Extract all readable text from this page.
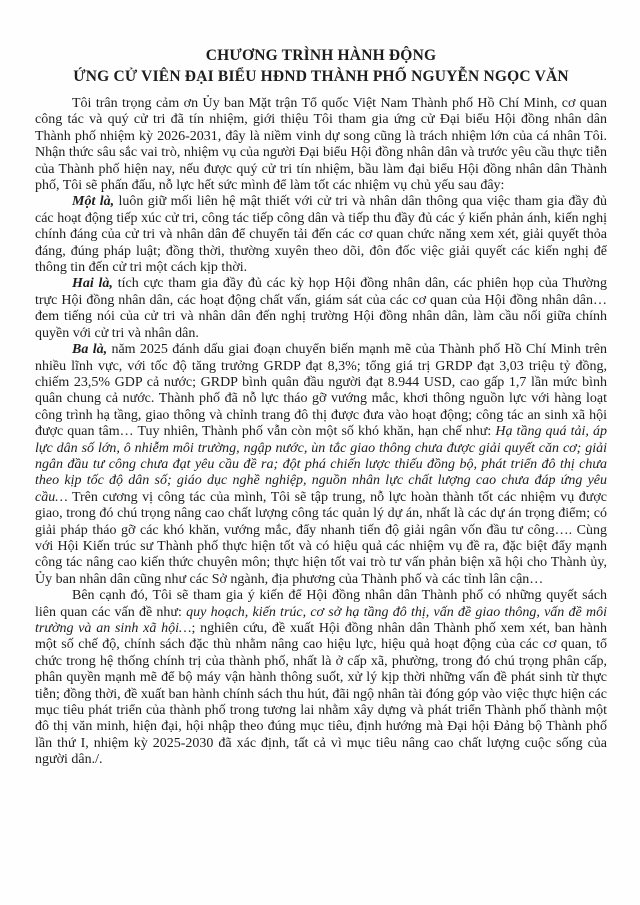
CHƯƠNG TRÌNH HÀNH ĐỘNG
ỨNG CỬ VIÊN ĐẠI BIỂU HĐND THÀNH PHỐ NGUYỄN NGỌC VĂN

Tôi trân trọng cảm ơn Ủy ban Mặt trận Tổ quốc Việt Nam Thành phố Hồ Chí Minh, cơ quan công tác và quý cử tri đã tín nhiệm, giới thiệu Tôi tham gia ứng cử Đại biểu Hội đồng nhân dân Thành phố nhiệm kỳ 2026-2031, đây là niềm vinh dự song cũng là trách nhiệm lớn của cá nhân Tôi. Nhận thức sâu sắc vai trò, nhiệm vụ của người Đại biểu Hội đồng nhân dân và trước yêu cầu thực tiễn của Thành phố hiện nay, nếu được quý cử tri tín nhiệm, bầu làm đại biểu Hội đồng nhân dân Thành phố, Tôi sẽ phấn đấu, nỗ lực hết sức mình để làm tốt các nhiệm vụ chủ yếu sau đây:

Một là, luôn giữ mối liên hệ mật thiết với cử tri và nhân dân thông qua việc tham gia đầy đủ các hoạt động tiếp xúc cử tri, công tác tiếp công dân và tiếp thu đầy đủ các ý kiến phản ánh, kiến nghị chính đáng của cử tri và nhân dân để chuyển tải đến các cơ quan chức năng xem xét, giải quyết thỏa đáng, đúng pháp luật; đồng thời, thường xuyên theo dõi, đôn đốc việc giải quyết các kiến nghị để thông tin đến cử tri một cách kịp thời.

Hai là, tích cực tham gia đầy đủ các kỳ họp Hội đồng nhân dân, các phiên họp của Thường trực Hội đồng nhân dân, các hoạt động chất vấn, giám sát của các cơ quan của Hội đồng nhân dân…đem tiếng nói của cử tri và nhân dân đến nghị trường Hội đồng nhân dân, làm cầu nối giữa chính quyền với cử tri và nhân dân.

Ba là, năm 2025 đánh dấu giai đoạn chuyển biến mạnh mẽ của Thành phố Hồ Chí Minh trên nhiều lĩnh vực, với tốc độ tăng trưởng GRDP đạt 8,3%; tổng giá trị GRDP đạt 3,03 triệu tỷ đồng, chiếm 23,5% GDP cả nước; GRDP bình quân đầu người đạt 8.944 USD, cao gấp 1,7 lần mức bình quân chung cả nước. Thành phố đã nỗ lực tháo gỡ vướng mắc, khơi thông nguồn lực với hàng loạt công trình hạ tầng, giao thông và chỉnh trang đô thị được đưa vào hoạt động; công tác an sinh xã hội được quan tâm… Tuy nhiên, Thành phố vẫn còn một số khó khăn, hạn chế như: Hạ tầng quá tải, áp lực dân số lớn, ô nhiễm môi trường, ngập nước, ùn tắc giao thông chưa được giải quyết căn cơ; giải ngân đầu tư công chưa đạt yêu cầu đề ra; đột phá chiến lược thiếu đồng bộ, phát triển đô thị chưa theo kịp tốc độ dân số; giáo dục nghề nghiệp, nguồn nhân lực chất lượng cao chưa đáp ứng yêu cầu… Trên cương vị công tác của mình, Tôi sẽ tập trung, nỗ lực hoàn thành tốt các nhiệm vụ được giao, trong đó chú trọng nâng cao chất lượng công tác quản lý dự án, nhất là các dự án trọng điểm; có giải pháp tháo gỡ các khó khăn, vướng mắc, đẩy nhanh tiến độ giải ngân vốn đầu tư công…. Cùng với Hội Kiến trúc sư Thành phố thực hiện tốt và có hiệu quả các nhiệm vụ đề ra, đặc biệt đẩy mạnh công tác nâng cao kiến thức chuyên môn; thực hiện tốt vai trò tư vấn phản biện xã hội cho Thành ủy, Ủy ban nhân dân cũng như các Sở ngành, địa phương của Thành phố và các tỉnh lân cận…

Bên cạnh đó, Tôi sẽ tham gia ý kiến để Hội đồng nhân dân Thành phố có những quyết sách liên quan các vấn đề như: quy hoạch, kiến trúc, cơ sở hạ tầng đô thị, vấn đề giao thông, vấn đề môi trường và an sinh xã hội…; nghiên cứu, đề xuất Hội đồng nhân dân Thành phố xem xét, ban hành một số chế độ, chính sách đặc thù nhằm nâng cao hiệu lực, hiệu quả hoạt động của các cơ quan, tổ chức trong hệ thống chính trị của thành phố, nhất là ở cấp xã, phường, trong đó chú trọng phân cấp, phân quyền mạnh mẽ để bộ máy vận hành thông suốt, xử lý kịp thời những vấn đề phát sinh từ thực tiễn; đồng thời, đề xuất ban hành chính sách thu hút, đãi ngộ nhân tài đóng góp vào việc thực hiện các mục tiêu phát triển của thành phố trong tương lai nhằm xây dựng và phát triển Thành phố thành một đô thị văn minh, hiện đại, hội nhập theo đúng mục tiêu, định hướng mà Đại hội Đảng bộ Thành phố lần thứ I, nhiệm kỳ 2025-2030 đã xác định, tất cả vì mục tiêu nâng cao chất lượng cuộc sống của người dân./.
